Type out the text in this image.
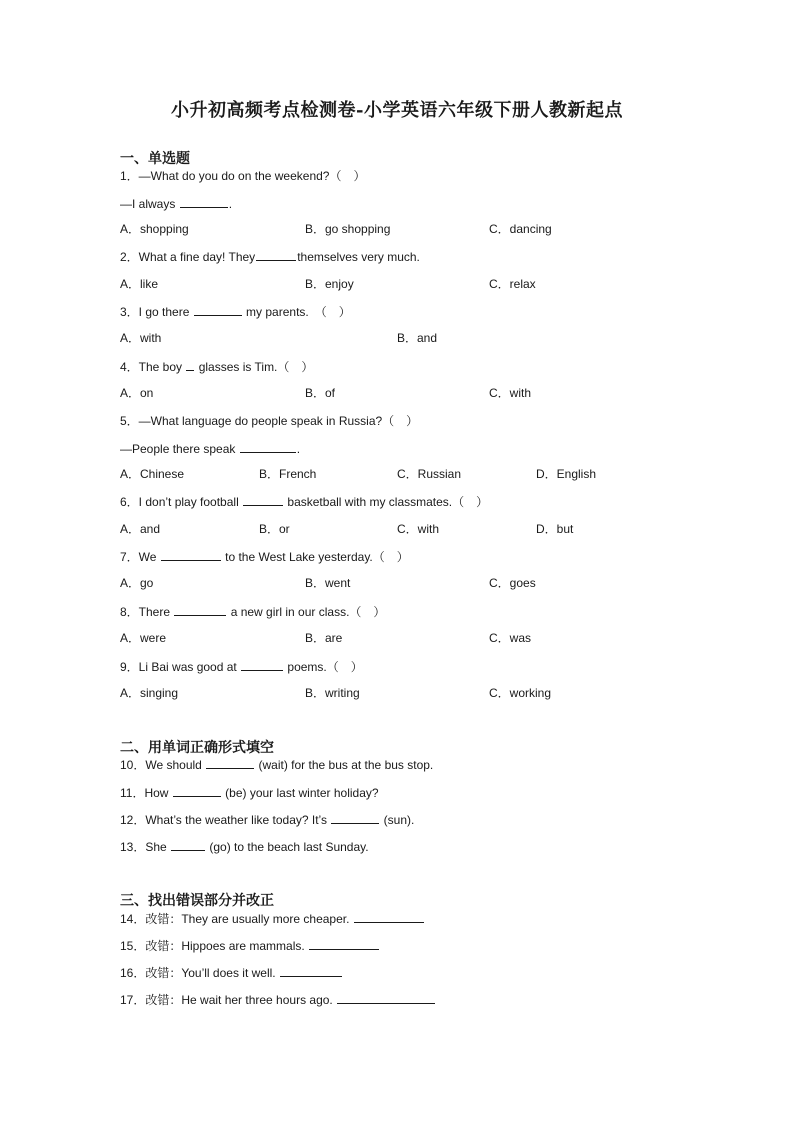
小升初高频考点检测卷-小学英语六年级下册人教新起点
一、单选题
1．—What do you do on the weekend?（　）
—I always	.
A．shopping	B．go shopping	C．dancing
2．What a fine day! They	themselves very much.
A．like	B．enjoy	C．relax
3．I go there	my parents.　（　）
A．with	B．and
4．The boy  glasses is Tim.（　）
A．on	B．of	C．with
5．—What language do people speak in Russia?（　）
—People there speak	.
A．Chinese	B．French	C．Russian	D．English
6．I don’t play football	basketball with my classmates.（　）
A．and	B．or	C．with	D．but
7．We	to the West Lake yesterday.（　）
A．go	B．went	C．goes
8．There	a new girl in our class.（　）
A．were	B．are	C．was
9．Li Bai was good at	poems.（　）
A．singing	B．writing	C．working
二、用单词正确形式填空
10．We should	(wait) for the bus at the bus stop.
11．How	(be) your last winter holiday?
12．What’s the weather like today? It’s	(sun).
13．She	(go) to the beach last Sunday.
三、找出错误部分并改正
14．改错：They are usually more cheaper.
15．改错：Hippoes are mammals.
16．改错：You’ll does it well.
17．改错：He wait her three hours ago.
